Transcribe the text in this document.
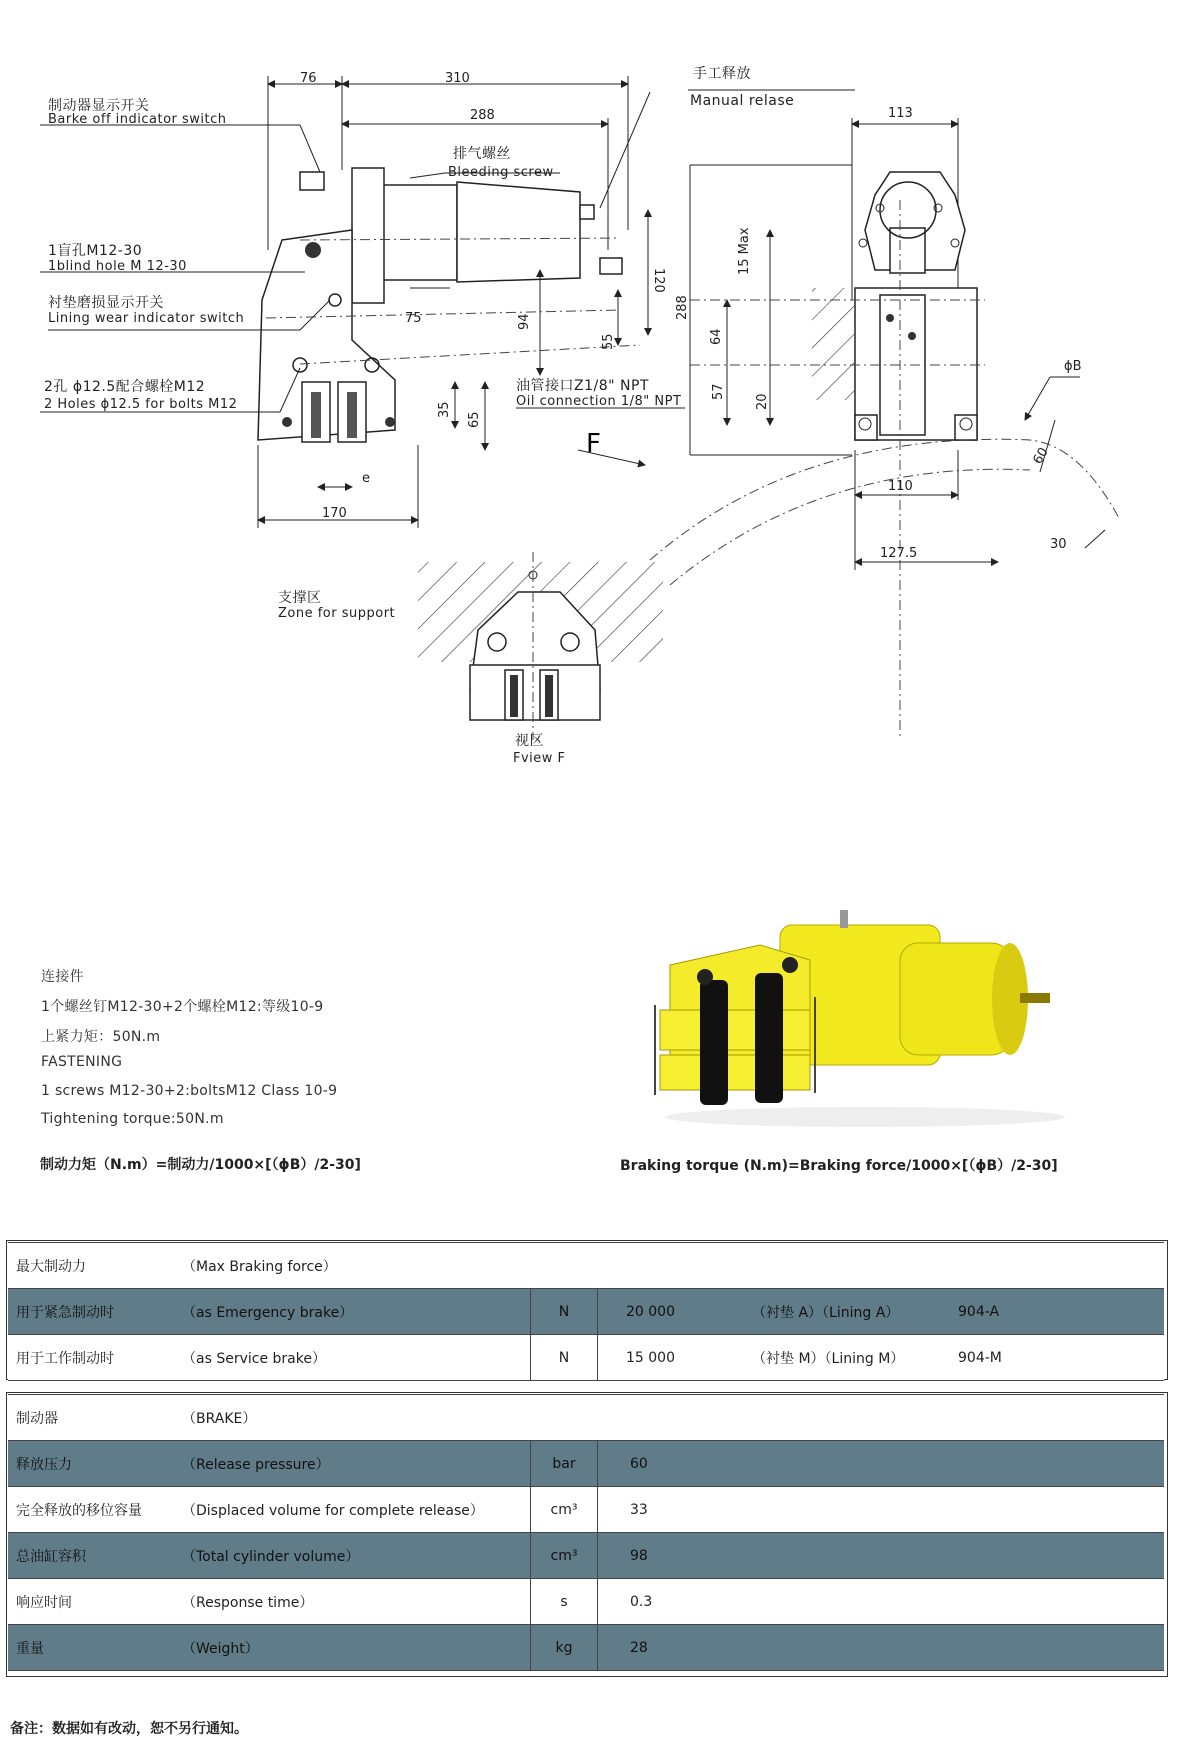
76	310
288	113
75	94
55
120
35
65
e
170
F
制动器显示开关
Barke off indicator switch
排气螺丝
Bleeding screw
手工释放
Manual relase
1盲孔M12-30
1blind hole M 12-30
衬垫磨损显示开关
Lining wear indicator switch
2孔 ϕ12.5配合螺栓M12
2 Holes ϕ12.5 for bolts M12
油管接口Z1/8" NPT
Oil connection 1/8" NPT
288
15 Max
64
57
20
110
127.5
ϕB
60
30
支撑区
Zone for support
视区
Fview F
连接件
1个螺丝钉M12-30+2个螺栓M12:等级10-9
上紧力矩：50N.m
FASTENING
1 screws M12-30+2:boltsM12 Class 10-9
Tightening torque:50N.m
制动力矩（N.m）=制动力/1000×[（ϕB）/2-30]	Braking torque (N.m)=Braking force/1000×[（ϕB）/2-30]
最大制动力	（Max Braking force）				
用于紧急制动时	（as Emergency brake）	N	20 000	（衬垫 A）（Lining A）	904-A
用于工作制动时	（as Service brake）	N	15 000	（衬垫 M）（Lining M）	904-M
制动器	（BRAKE）		
释放压力	（Release pressure）	bar	60
完全释放的移位容量	（Displaced volume for complete release）	cm³	33
总油缸容积	（Total cylinder volume）	cm³	98
响应时间	（Response time）	s	0.3
重量	（Weight）	kg	28
备注：数据如有改动，恕不另行通知。
